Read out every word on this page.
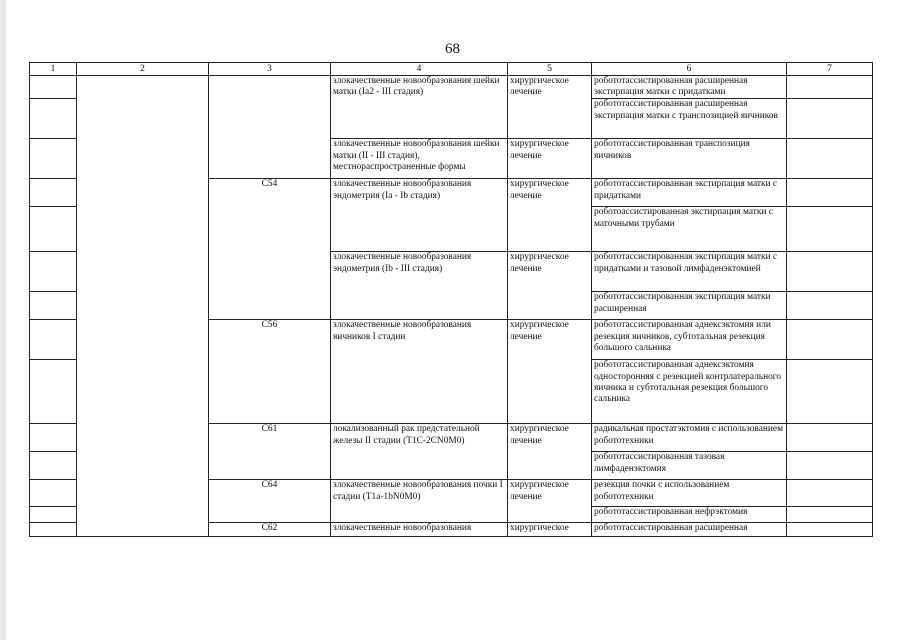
68
1	2	3	4	5	6	7
			злокачественные новообразования шейки матки (Ia2 - III стадия)	хирургическое лечение	робототассистированная расширенная экстирпация матки с придатками	
					робототассистированная расширенная экстирпация матки с транспозицией яичников	
			злокачественные новообразования шейки матки (II - III стадия), местнораспространенные формы	хирургическое лечение	робототассистированная транспозиция яичников	
		C54	злокачественные новообразования эндометрия (Ia - Ib стадия)	хирургическое лечение	робототассистированная экстирпация матки с придатками	
					роботоассистированная экстирпация матки с маточными трубами	
			злокачественные новообразования эндометрия (Ib - III стадия)	хирургическое лечение	робототассистированная экстирпация матки с придатками и тазовой лимфаденэктомией	
					робототассистированная экстирпация матки расширенная	
		C56	злокачественные новообразования яичников I стадии	хирургическое лечение	робототассистированная аднексэктомия или резекция яичников, субтотальная резекция большого сальника	
					робототассистированная аднексэктомия односторонняя с резекцией контрлатерального яичника и субтотальная резекция большого сальника	
		C61	локализованный рак предстательной железы II стадии (T1C-2CN0M0)	хирургическое лечение	радикальная простатэктомия с использованием робототехники	
					робототассистированная тазовая лимфаденэктомия	
		C64	злокачественные новообразования почки I стадии (T1a-1bN0M0)	хирургическое лечение	резекция почки с использованием робототехники	
					робототассистированная нефрэктомия	
		C62	злокачественные новообразования	хирургическое	робототассистированная расширенная	
